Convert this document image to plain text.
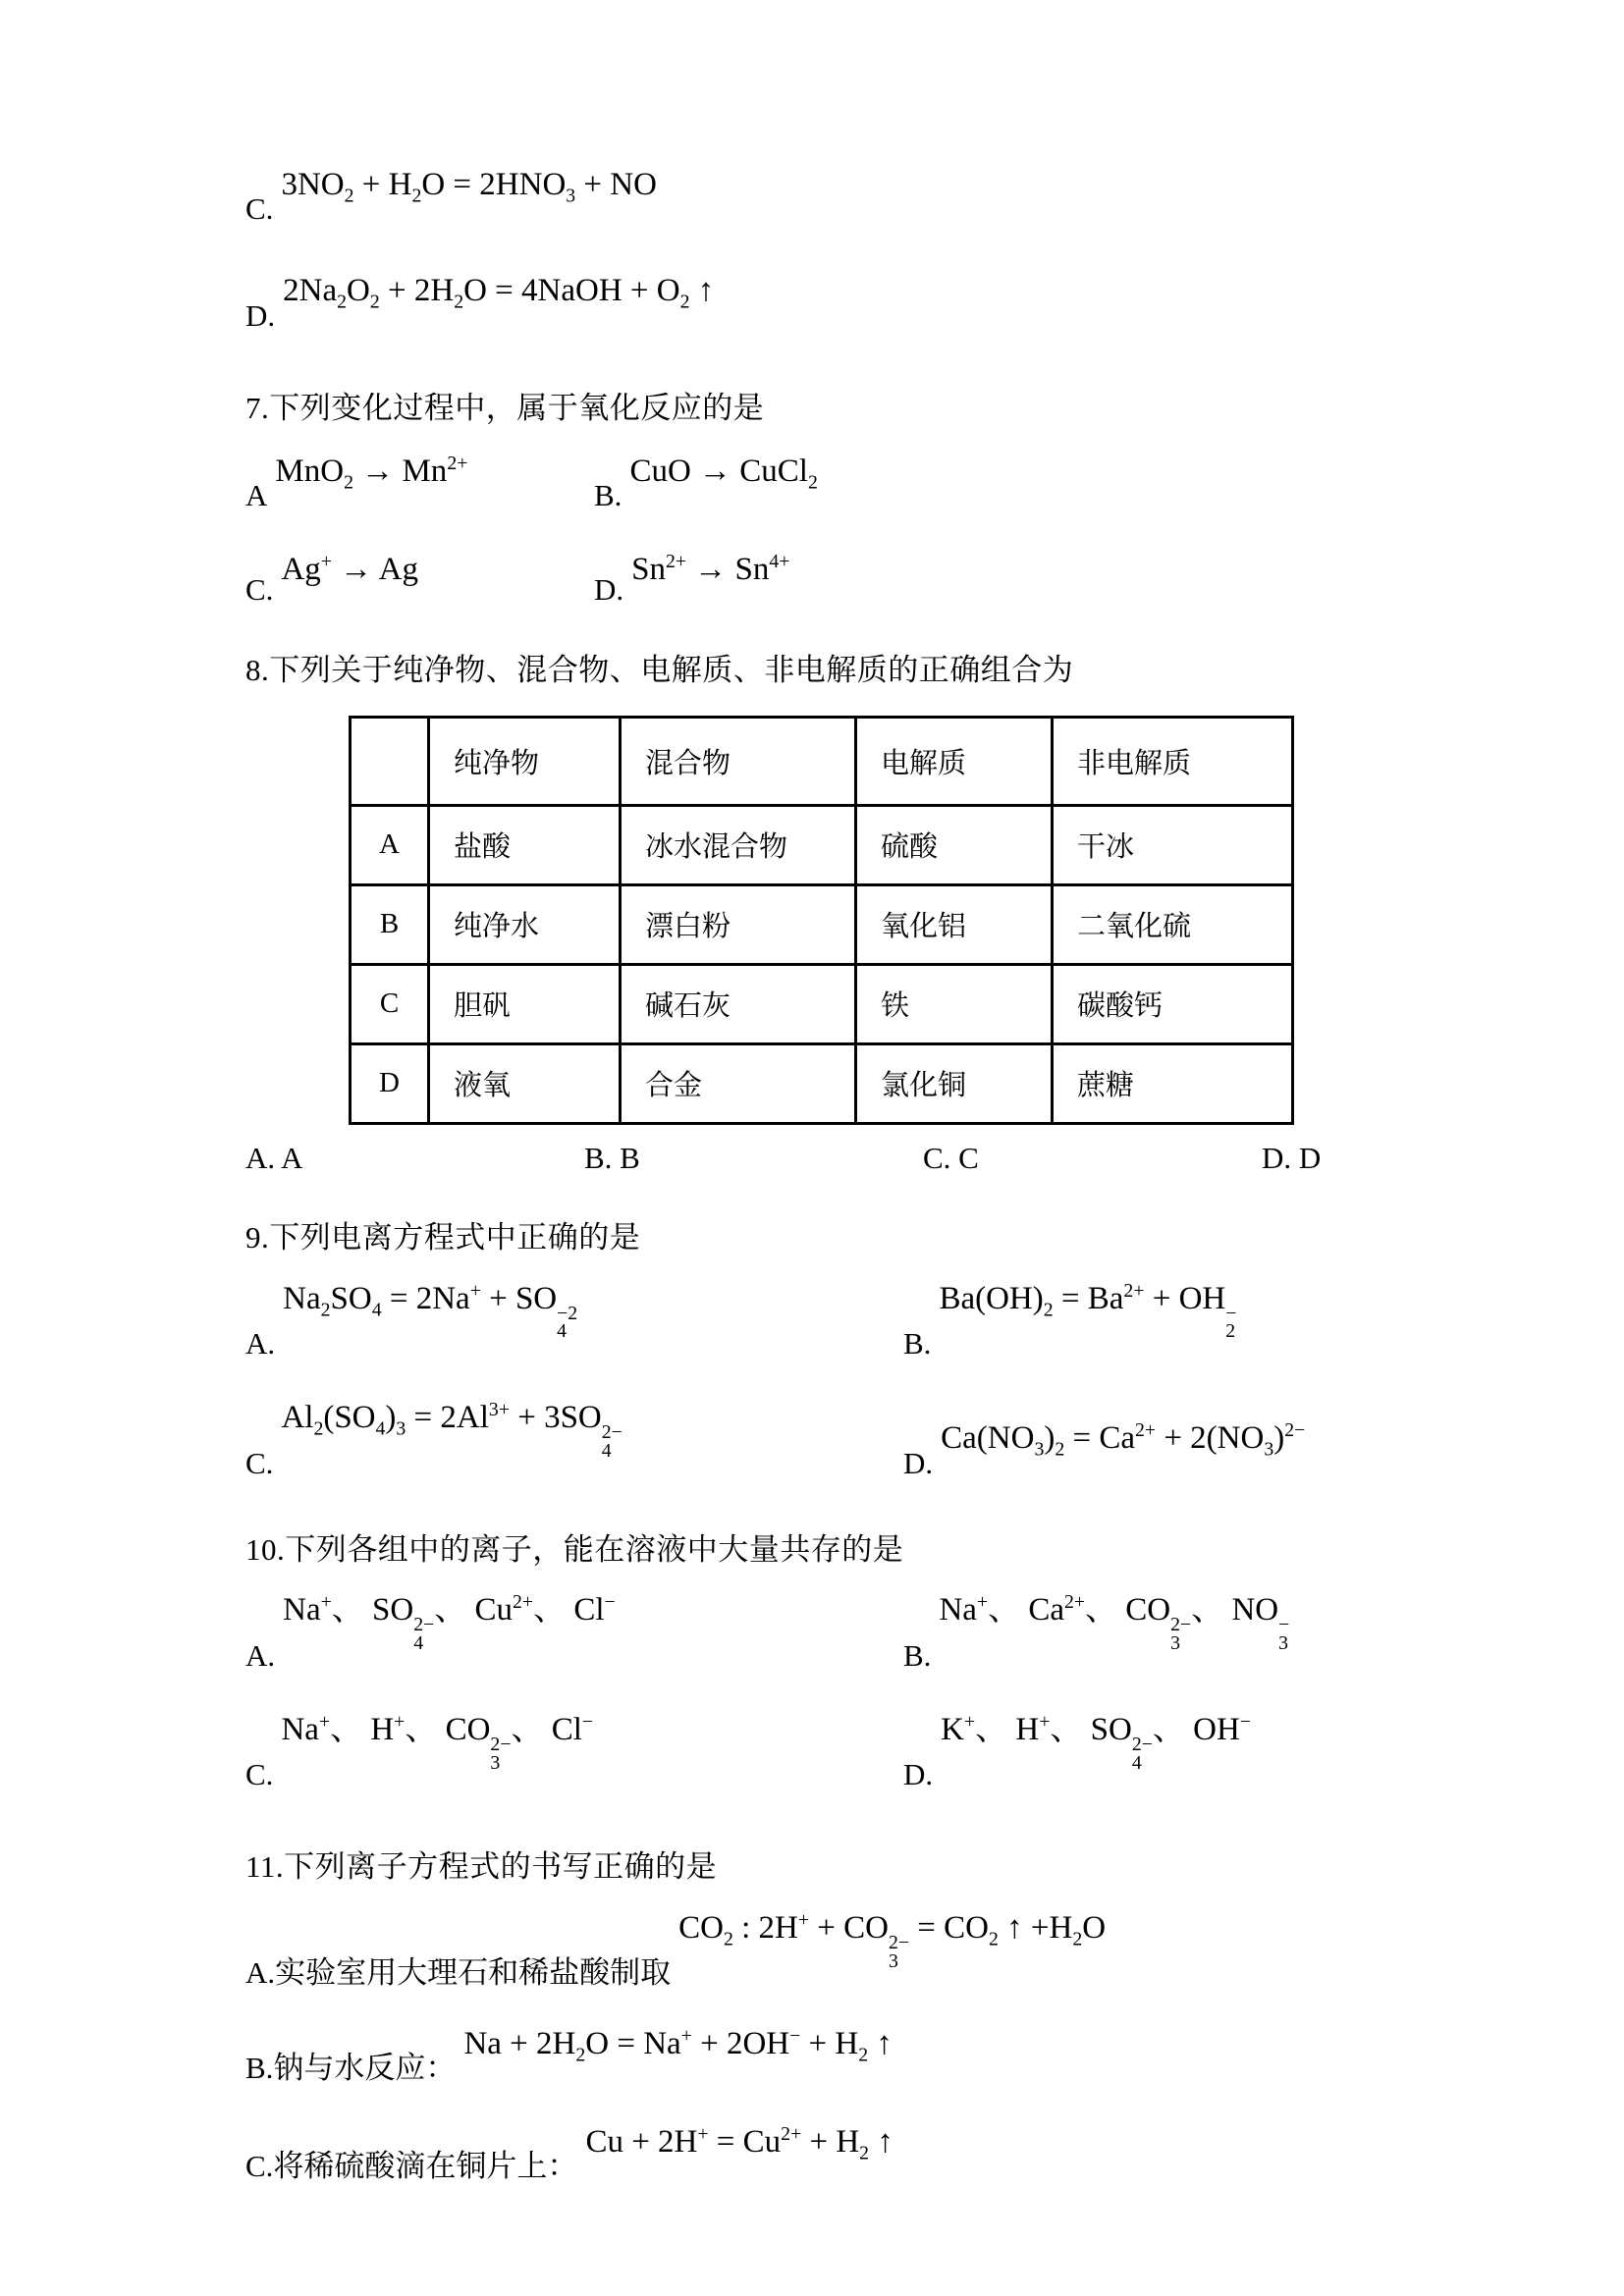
C.
$3NO_2 + H_2O = 2HNO_3$ + NO
D.
$2Na_2O_2 + 2H_2O$ = 4NaOH + $O_2$ ↑
7.下列变化过程中，属于氧化反应的是
A
$MnO_2 \to Mn^{2+}$
B.
CuO → CuCl$_2$
C.
Ag+ → Ag
D.
$Sn^{2+} \to Sn^{4+}$
8.下列关于纯净物、混合物、电解质、非电解质的正确组合为
	纯净物	混合物	电解质	非电解质
A	盐酸	冰水混合物	硫酸	干冰
B	纯净水	漂白粉	氧化铝	二氧化硫
C	胆矾	碱石灰	铁	碳酸钙
D	液氧	合金	氯化铜	蔗糖
A. A	B. B	C. C	D. D
9.下列电离方程式中正确的是
A.
$Na_2SO_4 = 2Na^+$ + SO −2
4	B.
$Ba(OH)_2 = Ba^{2+}$ + OH −
2
C.
$Al_2(SO_4)_3 = 2Al^{3+} + 3SO$ 2−
4	D.
$Ca(NO_3)_2 = Ca^{2+} + 2(NO_3)^{2-}$
10.下列各组中的离子，能在溶液中大量共存的是
A.
Na+、 SO 2−
4
、 $Cu^{2+}$、 Cl−
B.
Na+、 $Ca^{2+}$、 CO 2−
3
、 NO −
3
C.
Na+、 H+、 CO 2−
3
、 Cl−
D.
K+、 H+、 SO 2−
4
、 OH−
11.下列离子方程式的书写正确的是
A.实验室用大理石和稀盐酸制取
$CO_2$ : 2H+ + CO 2−
3
= $CO_2$ ↑ $+H_2O$
B.钠与水反应：
$Na + 2H_2O = Na^+ + 2OH^- + H_2$ ↑
C.将稀硫酸滴在铜片上：
$Cu + 2H^+ = Cu^{2+} + H_2$ ↑
